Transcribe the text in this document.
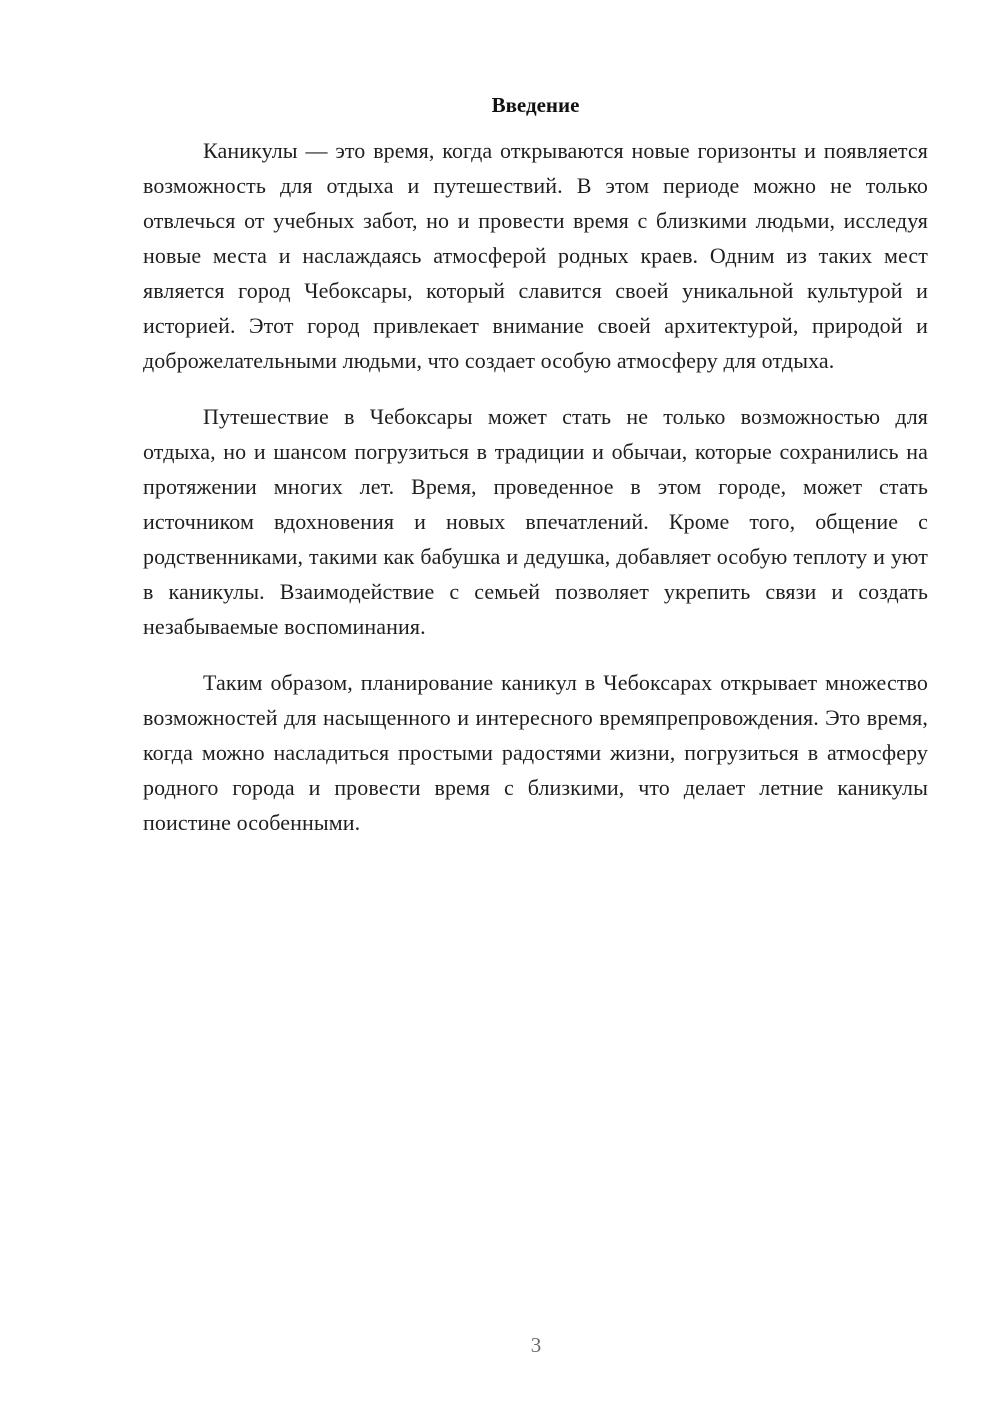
Введение

Каникулы — это время, когда открываются новые горизонты и появляется возможность для отдыха и путешествий. В этом периоде можно не только отвлечься от учебных забот, но и провести время с близкими людьми, исследуя новые места и наслаждаясь атмосферой родных краев. Одним из таких мест является город Чебоксары, который славится своей уникальной культурой и историей. Этот город привлекает внимание своей архитектурой, природой и доброжелательными людьми, что создает особую атмосферу для отдыха.

Путешествие в Чебоксары может стать не только возможностью для отдыха, но и шансом погрузиться в традиции и обычаи, которые сохранились на протяжении многих лет. Время, проведенное в этом городе, может стать источником вдохновения и новых впечатлений. Кроме того, общение с родственниками, такими как бабушка и дедушка, добавляет особую теплоту и уют в каникулы. Взаимодействие с семьей позволяет укрепить связи и создать незабываемые воспоминания.

Таким образом, планирование каникул в Чебоксарах открывает множество возможностей для насыщенного и интересного времяпрепровождения. Это время, когда можно насладиться простыми радостями жизни, погрузиться в атмосферу родного города и провести время с близкими, что делает летние каникулы поистине особенными.

3
